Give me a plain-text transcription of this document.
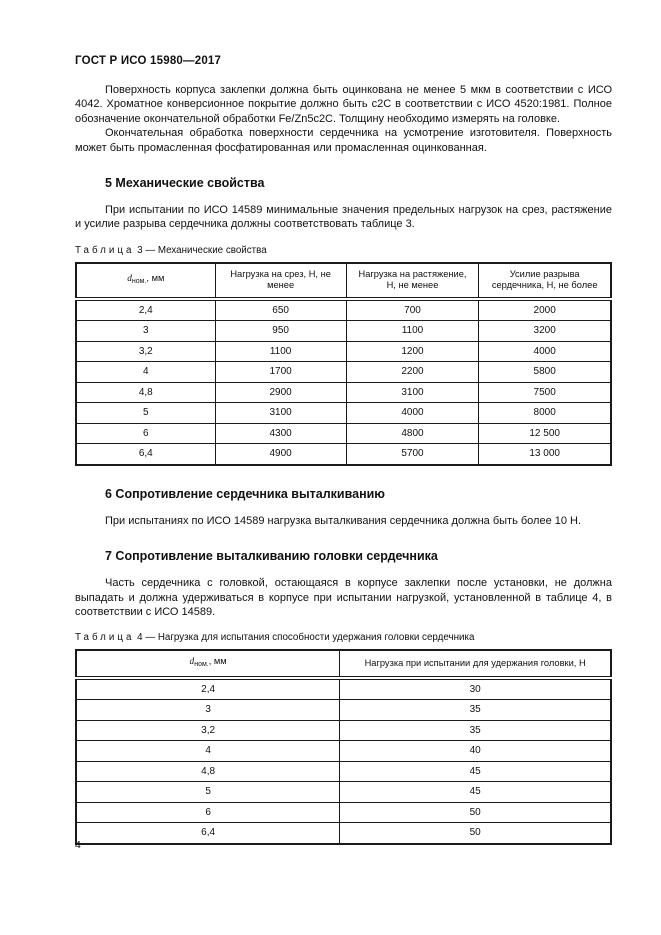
ГОСТ Р ИСО 15980—2017

Поверхность корпуса заклепки должна быть оцинкована не менее 5 мкм в соответствии с ИСО 4042. Хроматное конверсионное покрытие должно быть с2С в соответствии с ИСО 4520:1981. Полное обозначение окончательной обработки Fe/Zn5c2C. Толщину необходимо измерять на головке.

Окончательная обработка поверхности сердечника на усмотрение изготовителя. Поверхность может быть промасленная фосфатированная или промасленная оцинкованная.

5 Механические свойства

При испытании по ИСО 14589 минимальные значения предельных нагрузок на срез, растяжение и усилие разрыва сердечника должны соответствовать таблице 3.

Таблица 3 — Механические свойства
$d_{ном.}$, мм	Нагрузка на срез, Н, не менее	Нагрузка на растяжение, Н, не менее	Усилие разрыва сердечника, Н, не более
2,4	650	700	2000
3	950	1100	3200
3,2	1100	1200	4000
4	1700	2200	5800
4,8	2900	3100	7500
5	3100	4000	8000
6	4300	4800	12 500
6,4	4900	5700	13 000
6 Сопротивление сердечника выталкиванию

При испытаниях по ИСО 14589 нагрузка выталкивания сердечника должна быть более 10 Н.

7 Сопротивление выталкиванию головки сердечника

Часть сердечника с головкой, остающаяся в корпусе заклепки после установки, не должна выпадать и должна удерживаться в корпусе при испытании нагрузкой, установленной в таблице 4, в соответствии с ИСО 14589.

Таблица 4 — Нагрузка для испытания способности удержания головки сердечника
$d_{ном.}$, мм	Нагрузка при испытании для удержания головки, Н
2,4	30
3	35
3,2	35
4	40
4,8	45
5	45
6	50
6,4	50
4
